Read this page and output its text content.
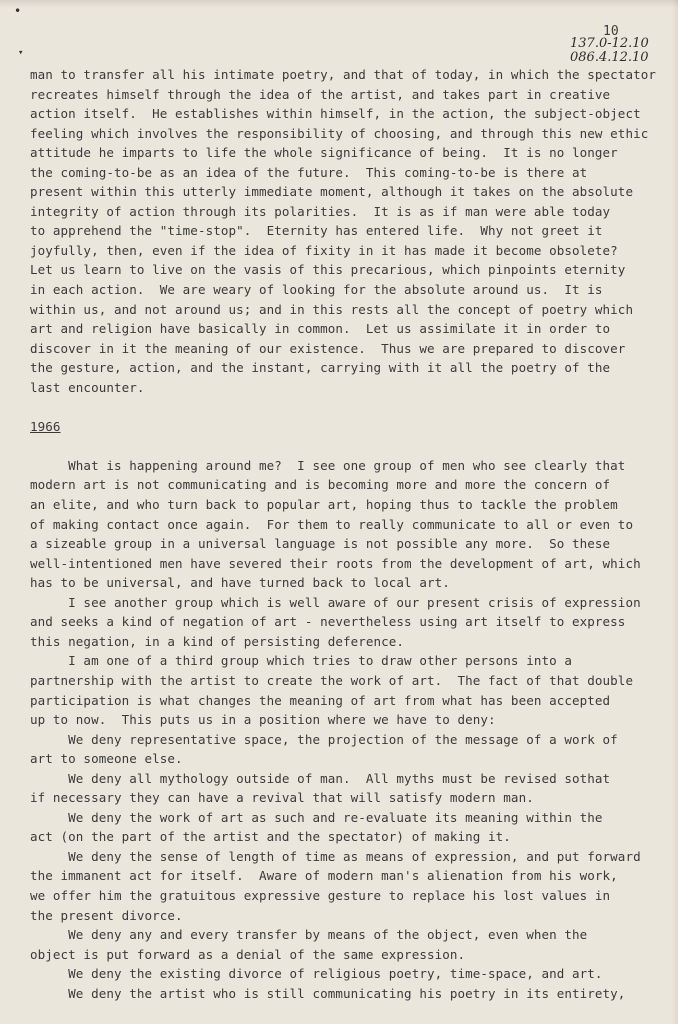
•
▾
10
137.0-12.10
086.4.12.10
man to transfer all his intimate poetry, and that of today, in which the spectator
recreates himself through the idea of the artist, and takes part in creative
action itself.  He establishes within himself, in the action, the subject-object
feeling which involves the responsibility of choosing, and through this new ethic
attitude he imparts to life the whole significance of being.  It is no longer
the coming-to-be as an idea of the future.  This coming-to-be is there at
present within this utterly immediate moment, although it takes on the absolute
integrity of action through its polarities.  It is as if man were able today
to apprehend the "time-stop".  Eternity has entered life.  Why not greet it
joyfully, then, even if the idea of fixity in it has made it become obsolete?
Let us learn to live on the vasis of this precarious, which pinpoints eternity
in each action.  We are weary of looking for the absolute around us.  It is
within us, and not around us; and in this rests all the concept of poetry which
art and religion have basically in common.  Let us assimilate it in order to
discover in it the meaning of our existence.  Thus we are prepared to discover
the gesture, action, and the instant, carrying with it all the poetry of the
last encounter.
1966
What is happening around me?  I see one group of men who see clearly that
modern art is not communicating and is becoming more and more the concern of
an elite, and who turn back to popular art, hoping thus to tackle the problem
of making contact once again.  For them to really communicate to all or even to
a sizeable group in a universal language is not possible any more.  So these
well-intentioned men have severed their roots from the development of art, which
has to be universal, and have turned back to local art.
I see another group which is well aware of our present crisis of expression
and seeks a kind of negation of art - nevertheless using art itself to express
this negation, in a kind of persisting deference.
I am one of a third group which tries to draw other persons into a
partnership with the artist to create the work of art.  The fact of that double
participation is what changes the meaning of art from what has been accepted
up to now.  This puts us in a position where we have to deny:
We deny representative space, the projection of the message of a work of
art to someone else.
We deny all mythology outside of man.  All myths must be revised sothat
if necessary they can have a revival that will satisfy modern man.
We deny the work of art as such and re-evaluate its meaning within the
act (on the part of the artist and the spectator) of making it.
We deny the sense of length of time as means of expression, and put forward
the immanent act for itself.  Aware of modern man's alienation from his work,
we offer him the gratuitous expressive gesture to replace his lost values in
the present divorce.
We deny any and every transfer by means of the object, even when the
object is put forward as a denial of the same expression.
We deny the existing divorce of religious poetry, time-space, and art.
We deny the artist who is still communicating his poetry in its entirety,
